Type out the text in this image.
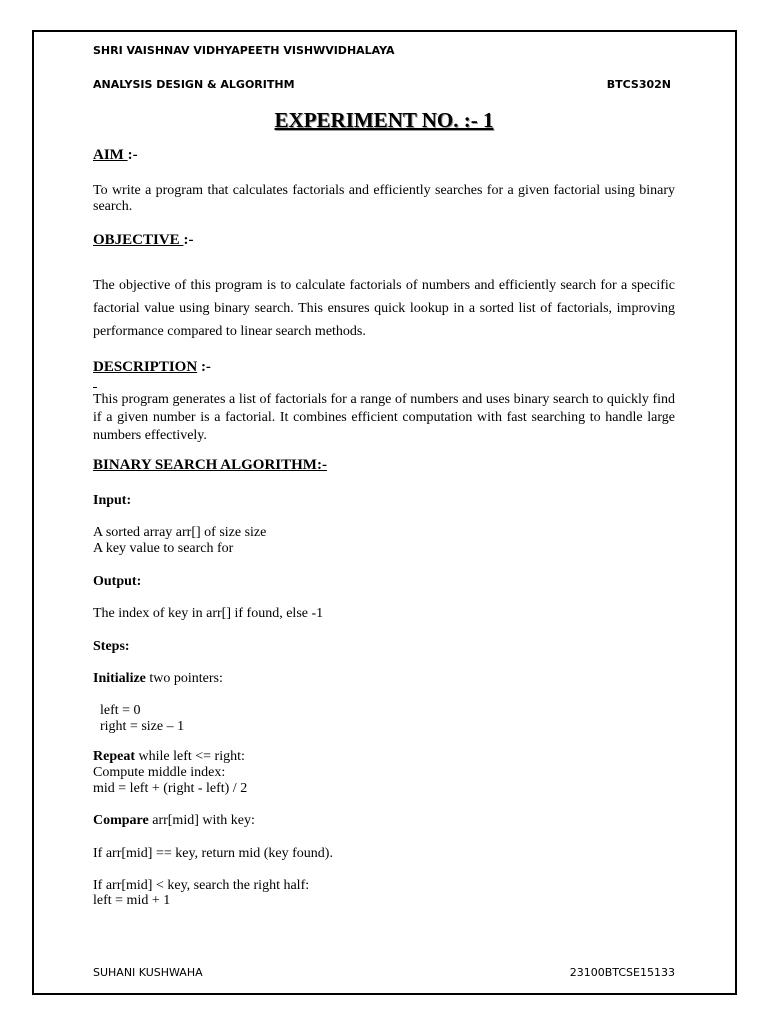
SHRI VAISHNAV VIDHYAPEETH VISHWVIDHALAYA
ANALYSIS DESIGN & ALGORITHM	BTCS302N
EXPERIMENT NO. :- 1
AIM :-
To write a program that calculates factorials and efficiently searches for a given factorial using binary search.
OBJECTIVE :-
The objective of this program is to calculate factorials of numbers and efficiently search for a specific factorial value using binary search. This ensures quick lookup in a sorted list of factorials, improving performance compared to linear search methods.
DESCRIPTION :-
This program generates a list of factorials for a range of numbers and uses binary search to quickly find if a given number is a factorial. It combines efficient computation with fast searching to handle large numbers effectively.
BINARY SEARCH ALGORITHM:-
Input:
A sorted array arr[] of size size
A key value to search for
Output:
The index of key in arr[] if found, else -1
Steps:
Initialize two pointers:
left = 0
right = size – 1
Repeat while left <= right:
Compute middle index:
mid = left + (right - left) / 2
Compare arr[mid] with key:
If arr[mid] == key, return mid (key found).
If arr[mid] < key, search the right half:
left = mid + 1
SUHANI KUSHWAHA	23100BTCSE15133
